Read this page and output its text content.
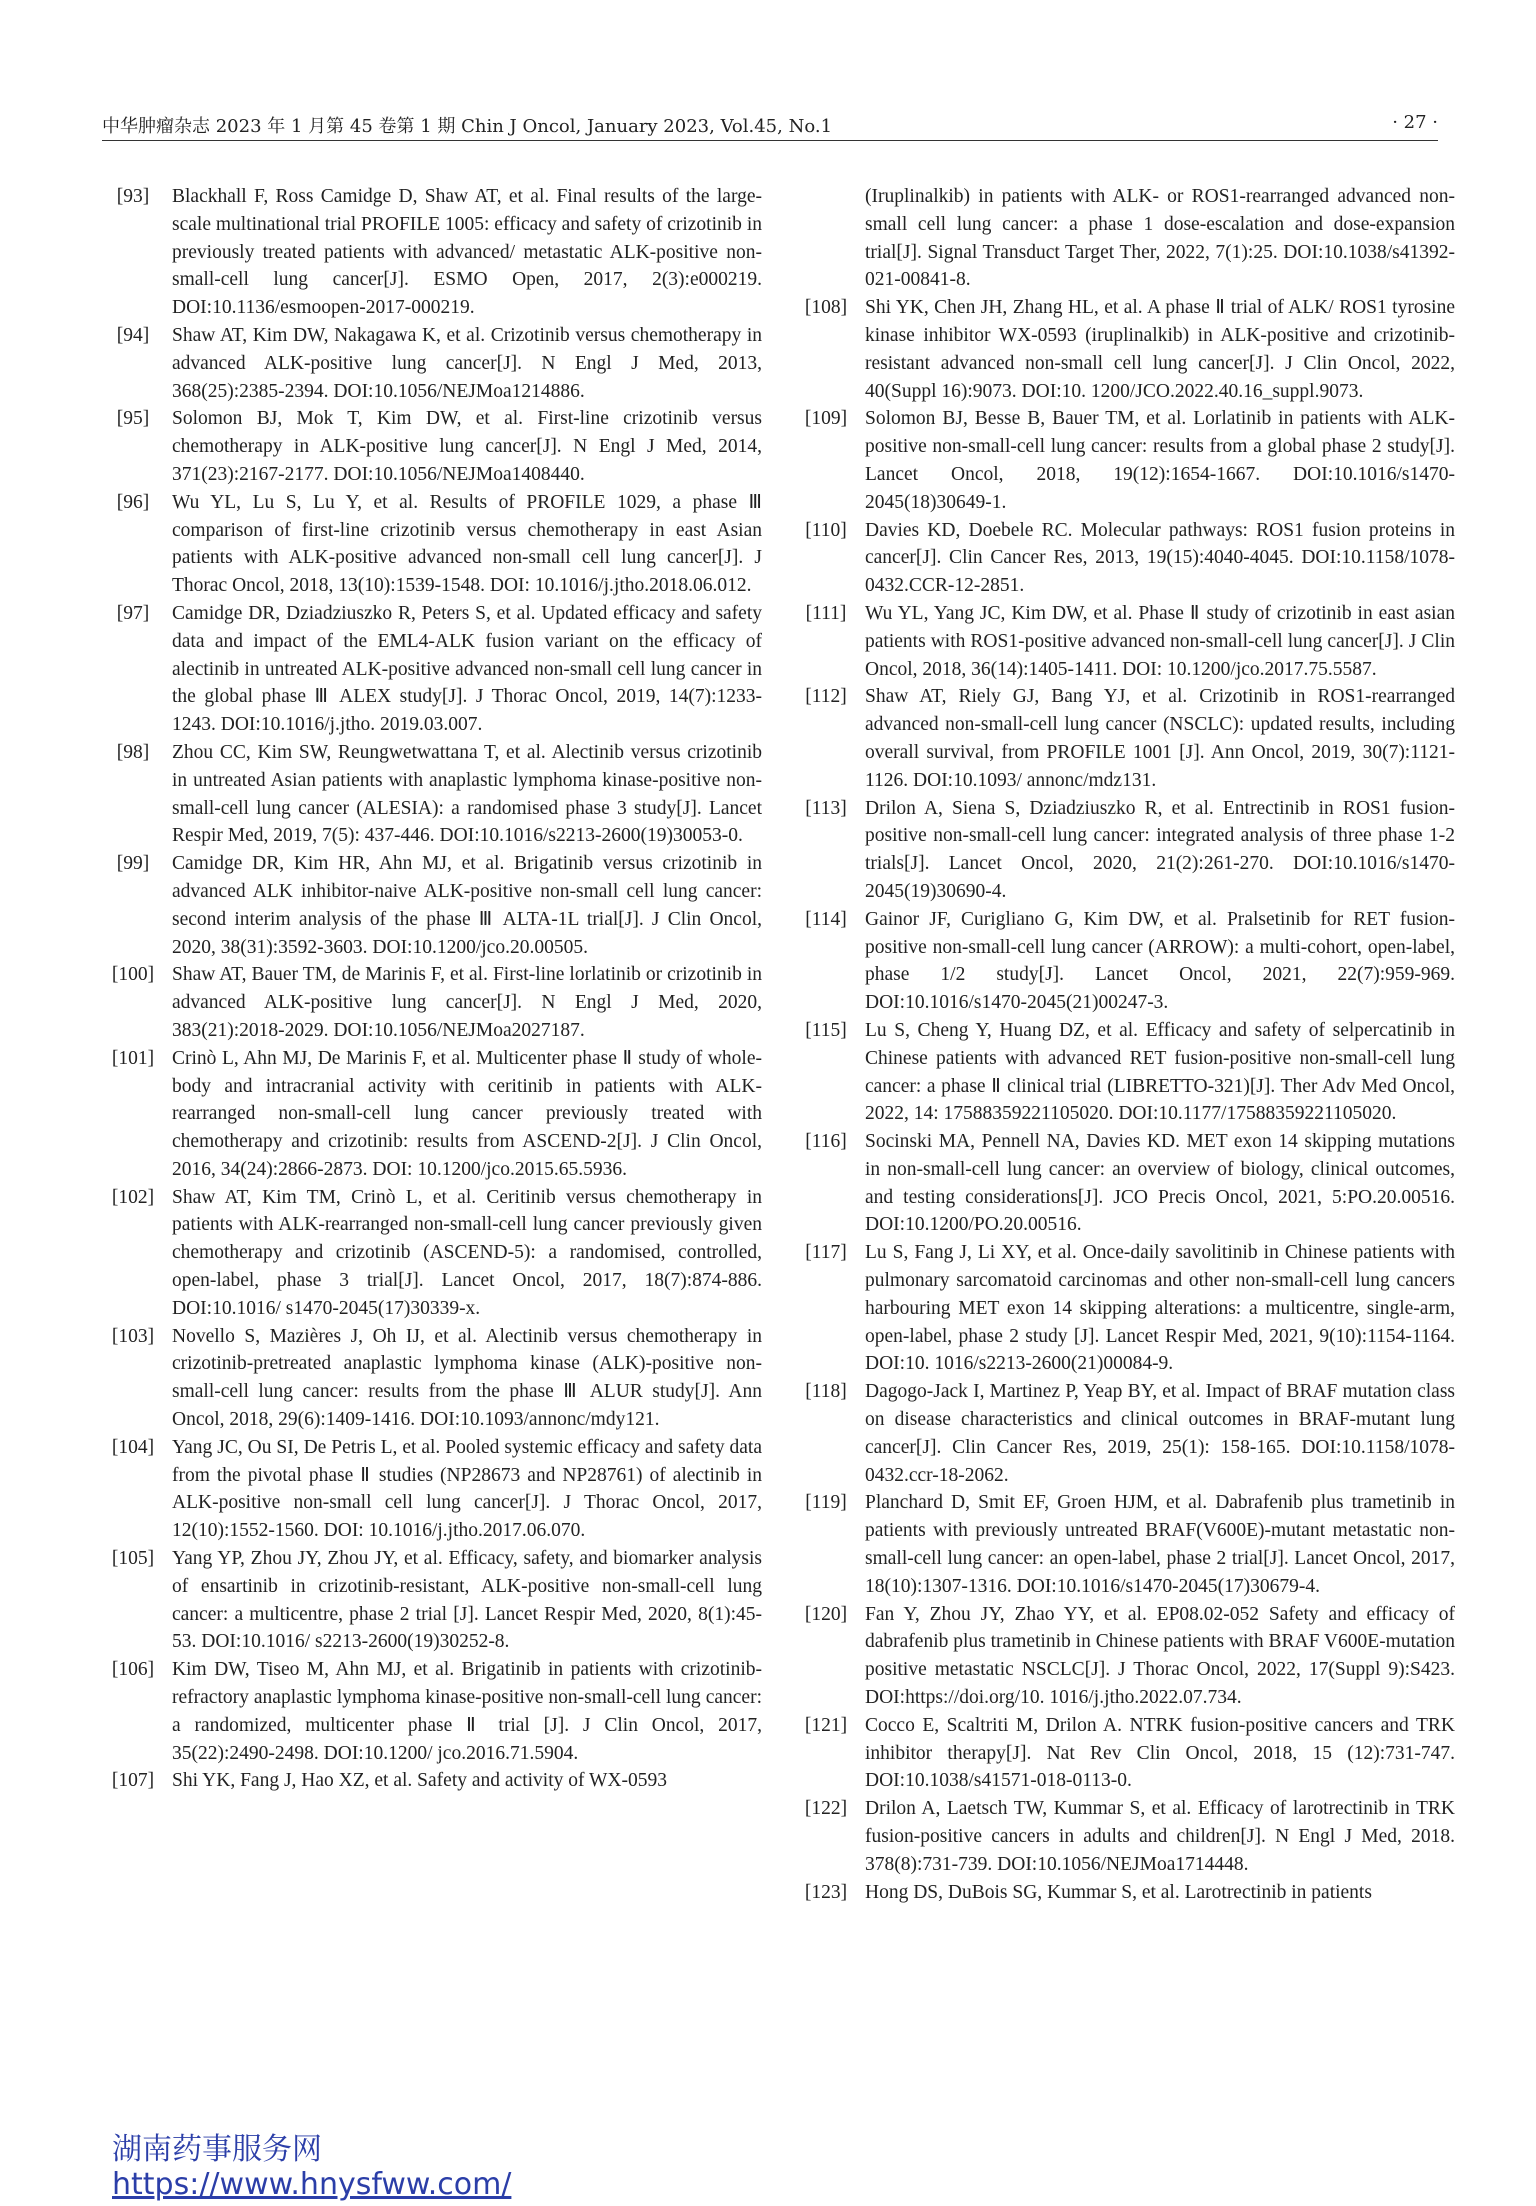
中华肿瘤杂志 2023 年 1 月第 45 卷第 1 期 Chin J Oncol, January 2023, Vol.45, No.1	· 27 ·
[93]	Blackhall F, Ross Camidge D, Shaw AT, et al. Final results of the large-scale multinational trial PROFILE 1005: efficacy and safety of crizotinib in previously treated patients with advanced/ metastatic ALK-positive non-small-cell lung cancer[J]. ESMO Open, 2017, 2(3):e000219. DOI:10.1136/esmoopen-2017-000219.
[94]	Shaw AT, Kim DW, Nakagawa K, et al. Crizotinib versus chemotherapy in advanced ALK-positive lung cancer[J]. N Engl J Med, 2013, 368(25):2385-2394. DOI:10.1056/NEJMoa1214886.
[95]	Solomon BJ, Mok T, Kim DW, et al. First-line crizotinib versus chemotherapy in ALK-positive lung cancer[J]. N Engl J Med, 2014, 371(23):2167-2177. DOI:10.1056/NEJMoa1408440.
[96]	Wu YL, Lu S, Lu Y, et al. Results of PROFILE 1029, a phase Ⅲ comparison of first-line crizotinib versus chemotherapy in east Asian patients with ALK-positive advanced non-small cell lung cancer[J]. J Thorac Oncol, 2018, 13(10):1539-1548. DOI: 10.1016/j.jtho.2018.06.012.
[97]	Camidge DR, Dziadziuszko R, Peters S, et al. Updated efficacy and safety data and impact of the EML4-ALK fusion variant on the efficacy of alectinib in untreated ALK-positive advanced non-small cell lung cancer in the global phase Ⅲ ALEX study[J]. J Thorac Oncol, 2019, 14(7):1233-1243. DOI:10.1016/j.jtho. 2019.03.007.
[98]	Zhou CC, Kim SW, Reungwetwattana T, et al. Alectinib versus crizotinib in untreated Asian patients with anaplastic lymphoma kinase-positive non-small-cell lung cancer (ALESIA): a randomised phase 3 study[J]. Lancet Respir Med, 2019, 7(5): 437-446. DOI:10.1016/s2213-2600(19)30053-0.
[99]	Camidge DR, Kim HR, Ahn MJ, et al. Brigatinib versus crizotinib in advanced ALK inhibitor-naive ALK-positive non-small cell lung cancer: second interim analysis of the phase Ⅲ ALTA-1L trial[J]. J Clin Oncol, 2020, 38(31):3592-3603. DOI:10.1200/jco.20.00505.
[100] Shaw AT, Bauer TM, de Marinis F, et al. First-line lorlatinib or crizotinib in advanced ALK-positive lung cancer[J]. N Engl J Med, 2020, 383(21):2018-2029. DOI:10.1056/NEJMoa2027187.
[101] Crinò L, Ahn MJ, De Marinis F, et al. Multicenter phase Ⅱ study of whole-body and intracranial activity with ceritinib in patients with ALK-rearranged non-small-cell lung cancer previously treated with chemotherapy and crizotinib: results from ASCEND-2[J]. J Clin Oncol, 2016, 34(24):2866-2873. DOI: 10.1200/jco.2015.65.5936.
[102] Shaw AT, Kim TM, Crinò L, et al. Ceritinib versus chemotherapy in patients with ALK-rearranged non-small-cell lung cancer previously given chemotherapy and crizotinib (ASCEND-5): a randomised, controlled, open-label, phase 3 trial[J]. Lancet Oncol, 2017, 18(7):874-886. DOI:10.1016/ s1470-2045(17)30339-x.
[103] Novello S, Mazières J, Oh IJ, et al. Alectinib versus chemotherapy in crizotinib-pretreated anaplastic lymphoma kinase (ALK)-positive non-small-cell lung cancer: results from the phase Ⅲ ALUR study[J]. Ann Oncol, 2018, 29(6):1409-1416. DOI:10.1093/annonc/mdy121.
[104] Yang JC, Ou SI, De Petris L, et al. Pooled systemic efficacy and safety data from the pivotal phase Ⅱ studies (NP28673 and NP28761) of alectinib in ALK-positive non-small cell lung cancer[J]. J Thorac Oncol, 2017, 12(10):1552-1560. DOI: 10.1016/j.jtho.2017.06.070.
[105] Yang YP, Zhou JY, Zhou JY, et al. Efficacy, safety, and biomarker analysis of ensartinib in crizotinib-resistant, ALK-positive non-small-cell lung cancer: a multicentre, phase 2 trial [J]. Lancet Respir Med, 2020, 8(1):45-53. DOI:10.1016/ s2213-2600(19)30252-8.
[106] Kim DW, Tiseo M, Ahn MJ, et al. Brigatinib in patients with crizotinib-refractory anaplastic lymphoma kinase-positive non-small-cell lung cancer: a randomized, multicenter phase Ⅱ trial [J]. J Clin Oncol, 2017, 35(22):2490-2498. DOI:10.1200/ jco.2016.71.5904.
[107] Shi YK, Fang J, Hao XZ, et al. Safety and activity of WX-0593
(Iruplinalkib) in patients with ALK- or ROS1-rearranged advanced non-small cell lung cancer: a phase 1 dose-escalation and dose-expansion trial[J]. Signal Transduct Target Ther, 2022, 7(1):25. DOI:10.1038/s41392-021-00841-8.
[108] Shi YK, Chen JH, Zhang HL, et al. A phase Ⅱ trial of ALK/ ROS1 tyrosine kinase inhibitor WX-0593 (iruplinalkib) in ALK-positive and crizotinib-resistant advanced non-small cell lung cancer[J]. J Clin Oncol, 2022, 40(Suppl 16):9073. DOI:10. 1200/JCO.2022.40.16_suppl.9073.
[109] Solomon BJ, Besse B, Bauer TM, et al. Lorlatinib in patients with ALK-positive non-small-cell lung cancer: results from a global phase 2 study[J]. Lancet Oncol, 2018, 19(12):1654-1667. DOI:10.1016/s1470-2045(18)30649-1.
[110] Davies KD, Doebele RC. Molecular pathways: ROS1 fusion proteins in cancer[J]. Clin Cancer Res, 2013, 19(15):4040-4045. DOI:10.1158/1078-0432.CCR-12-2851.
[111] Wu YL, Yang JC, Kim DW, et al. Phase Ⅱ study of crizotinib in east asian patients with ROS1-positive advanced non-small-cell lung cancer[J]. J Clin Oncol, 2018, 36(14):1405-1411. DOI: 10.1200/jco.2017.75.5587.
[112] Shaw AT, Riely GJ, Bang YJ, et al. Crizotinib in ROS1-rearranged advanced non-small-cell lung cancer (NSCLC): updated results, including overall survival, from PROFILE 1001 [J]. Ann Oncol, 2019, 30(7):1121-1126. DOI:10.1093/ annonc/mdz131.
[113] Drilon A, Siena S, Dziadziuszko R, et al. Entrectinib in ROS1 fusion-positive non-small-cell lung cancer: integrated analysis of three phase 1-2 trials[J]. Lancet Oncol, 2020, 21(2):261-270. DOI:10.1016/s1470-2045(19)30690-4.
[114] Gainor JF, Curigliano G, Kim DW, et al. Pralsetinib for RET fusion-positive non-small-cell lung cancer (ARROW): a multi-cohort, open-label, phase 1/2 study[J]. Lancet Oncol, 2021, 22(7):959-969. DOI:10.1016/s1470-2045(21)00247-3.
[115] Lu S, Cheng Y, Huang DZ, et al. Efficacy and safety of selpercatinib in Chinese patients with advanced RET fusion-positive non-small-cell lung cancer: a phase Ⅱ clinical trial (LIBRETTO-321)[J]. Ther Adv Med Oncol, 2022, 14: 17588359221105020. DOI:10.1177/17588359221105020.
[116] Socinski MA, Pennell NA, Davies KD. MET exon 14 skipping mutations in non-small-cell lung cancer: an overview of biology, clinical outcomes, and testing considerations[J]. JCO Precis Oncol, 2021, 5:PO.20.00516. DOI:10.1200/PO.20.00516.
[117] Lu S, Fang J, Li XY, et al. Once-daily savolitinib in Chinese patients with pulmonary sarcomatoid carcinomas and other non-small-cell lung cancers harbouring MET exon 14 skipping alterations: a multicentre, single-arm, open-label, phase 2 study [J]. Lancet Respir Med, 2021, 9(10):1154-1164. DOI:10. 1016/s2213-2600(21)00084-9.
[118] Dagogo-Jack I, Martinez P, Yeap BY, et al. Impact of BRAF mutation class on disease characteristics and clinical outcomes in BRAF-mutant lung cancer[J]. Clin Cancer Res, 2019, 25(1): 158-165. DOI:10.1158/1078-0432.ccr-18-2062.
[119] Planchard D, Smit EF, Groen HJM, et al. Dabrafenib plus trametinib in patients with previously untreated BRAF(V600E)-mutant metastatic non-small-cell lung cancer: an open-label, phase 2 trial[J]. Lancet Oncol, 2017, 18(10):1307-1316. DOI:10.1016/s1470-2045(17)30679-4.
[120] Fan Y, Zhou JY, Zhao YY, et al. EP08.02-052 Safety and efficacy of dabrafenib plus trametinib in Chinese patients with BRAF V600E-mutation positive metastatic NSCLC[J]. J Thorac Oncol, 2022, 17(Suppl 9):S423. DOI:https://doi.org/10. 1016/j.jtho.2022.07.734.
[121] Cocco E, Scaltriti M, Drilon A. NTRK fusion-positive cancers and TRK inhibitor therapy[J]. Nat Rev Clin Oncol, 2018, 15 (12):731-747. DOI:10.1038/s41571-018-0113-0.
[122] Drilon A, Laetsch TW, Kummar S, et al. Efficacy of larotrectinib in TRK fusion-positive cancers in adults and children[J]. N Engl J Med, 2018. 378(8):731-739. DOI:10.1056/NEJMoa1714448.
[123] Hong DS, DuBois SG, Kummar S, et al. Larotrectinib in patients
湖南药事服务网
https://www.hnysfww.com/
